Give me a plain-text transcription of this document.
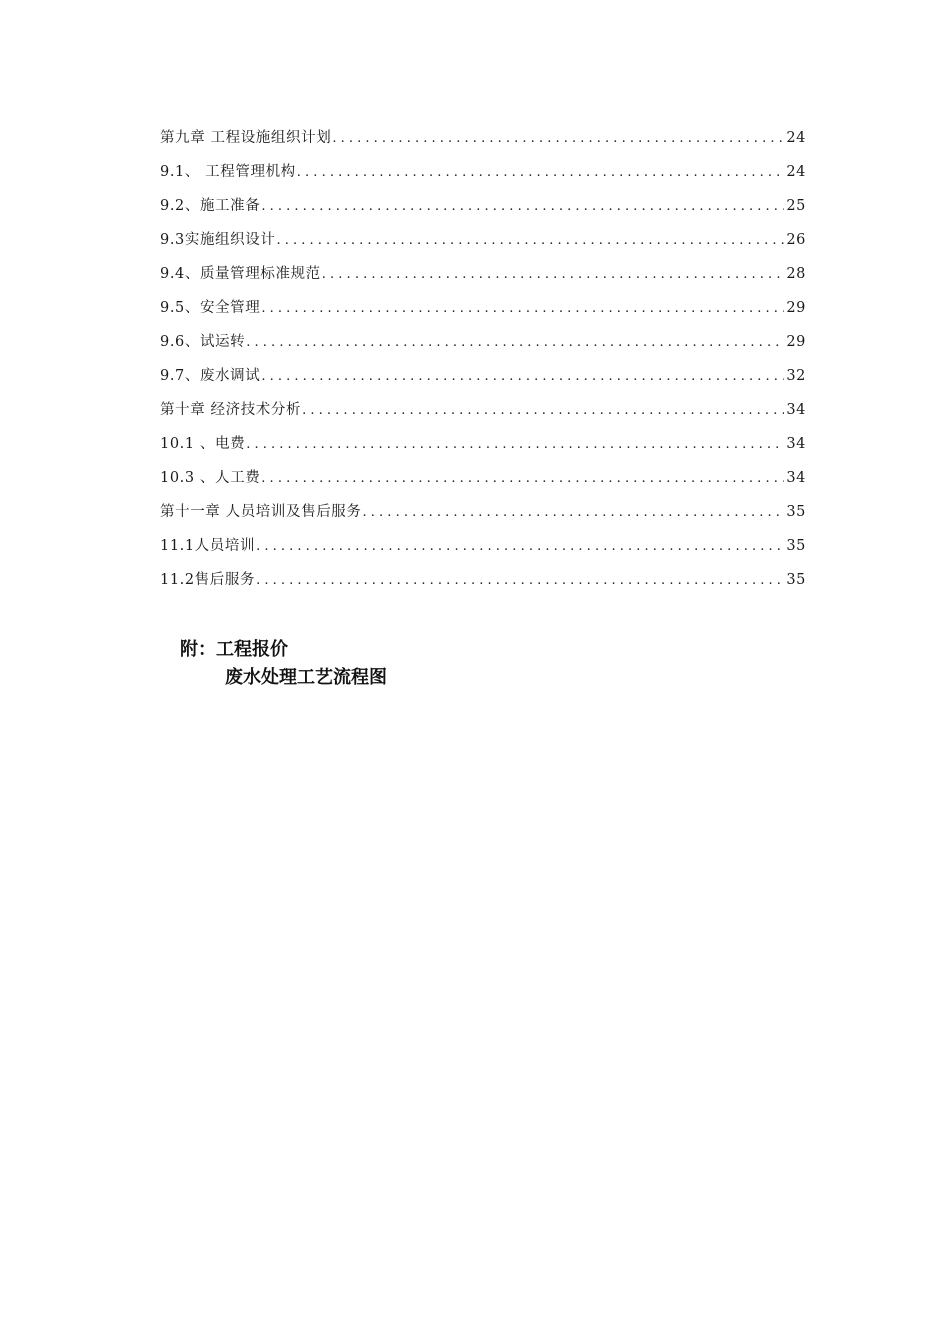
第九章 工程设施组织计划 . . .	24
9.1、 工程管理机构 . . .	24
9.2、施工准备 . . .	25
9.3实施组织设计 . . .	26
9.4、质量管理标准规范 . . .	28
9.5、安全管理 . . .	29
9.6、试运转 . . .	29
9.7、废水调试 . . .	32
第十章 经济技术分析 . . .	34
10.1 、电费 . . .	34
10.3 、人工费 . . .	34
第十一章 人员培训及售后服务 . . .	35
11.1人员培训 . . .	35
11.2售后服务 . . .	35
附：工程报价
废水处理工艺流程图
